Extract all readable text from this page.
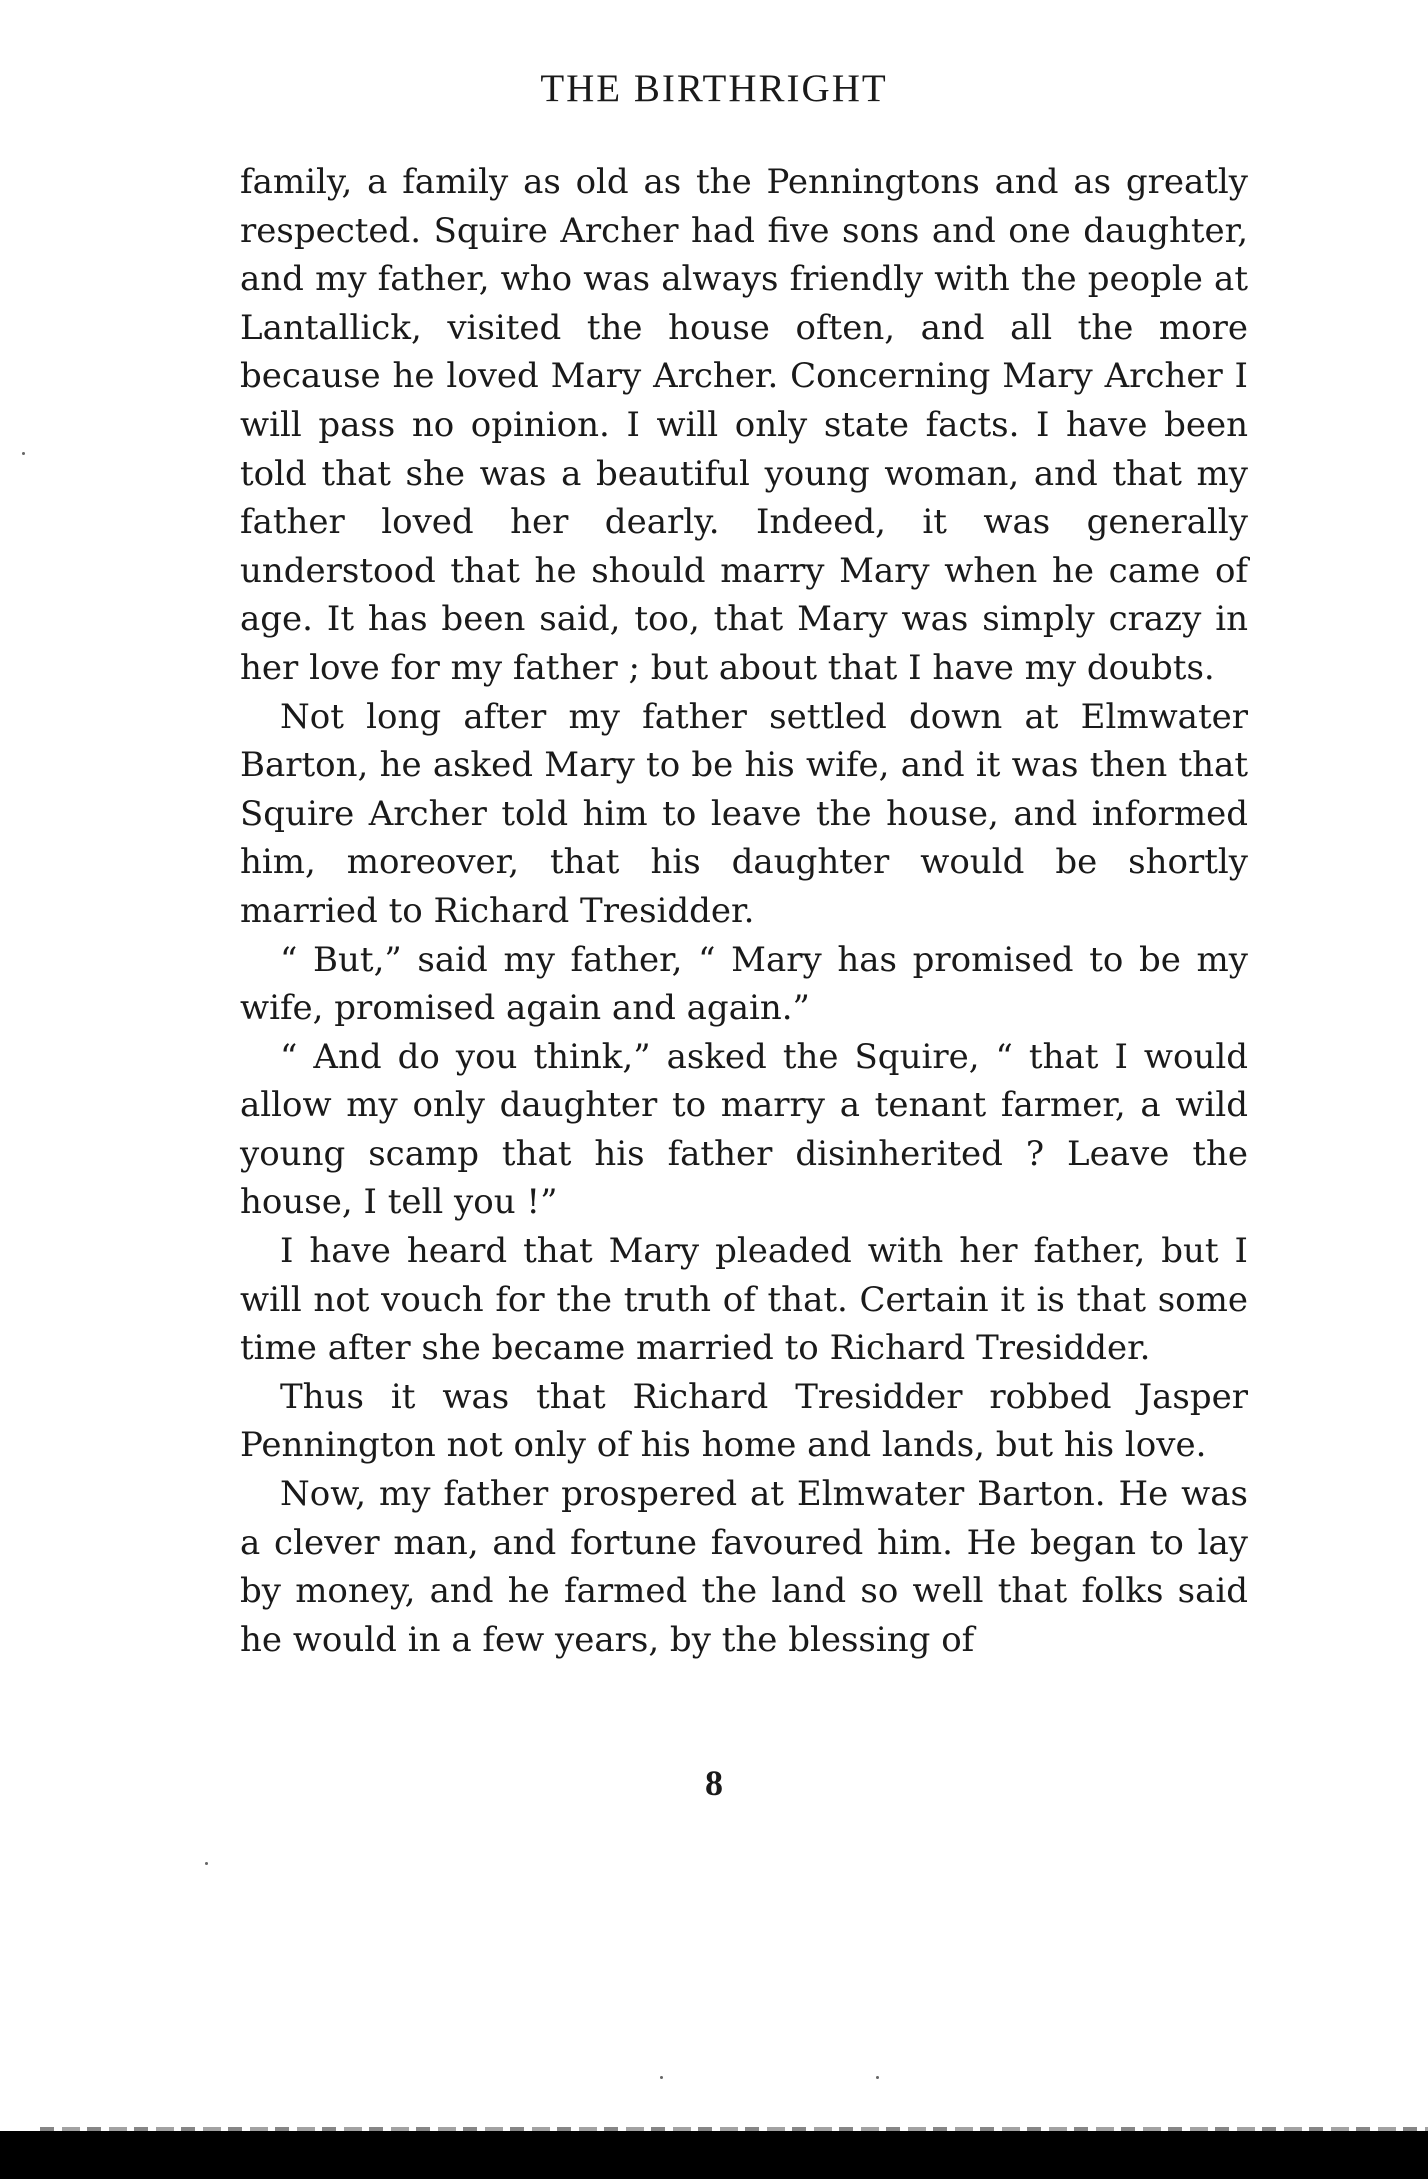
THE BIRTHRIGHT

family, a family as old as the Penningtons and as greatly respected. Squire Archer had five sons and one daughter, and my father, who was always friendly with the people at Lantallick, visited the house often, and all the more because he loved Mary Archer. Concerning Mary Archer I will pass no opinion. I will only state facts. I have been told that she was a beautiful young woman, and that my father loved her dearly. Indeed, it was generally understood that he should marry Mary when he came of age. It has been said, too, that Mary was simply crazy in her love for my father ; but about that I have my doubts.

Not long after my father settled down at Elmwater Barton, he asked Mary to be his wife, and it was then that Squire Archer told him to leave the house, and informed him, moreover, that his daughter would be shortly married to Richard Tresidder.

“ But,” said my father, “ Mary has promised to be my wife, promised again and again.”

“ And do you think,” asked the Squire, “ that I would allow my only daughter to marry a tenant farmer, a wild young scamp that his father disinherited ? Leave the house, I tell you !”

I have heard that Mary pleaded with her father, but I will not vouch for the truth of that. Certain it is that some time after she became married to Richard Tresidder.

Thus it was that Richard Tresidder robbed Jasper Pennington not only of his home and lands, but his love.

Now, my father prospered at Elmwater Barton. He was a clever man, and fortune favoured him. He began to lay by money, and he farmed the land so well that folks said he would in a few years, by the blessing of

8
